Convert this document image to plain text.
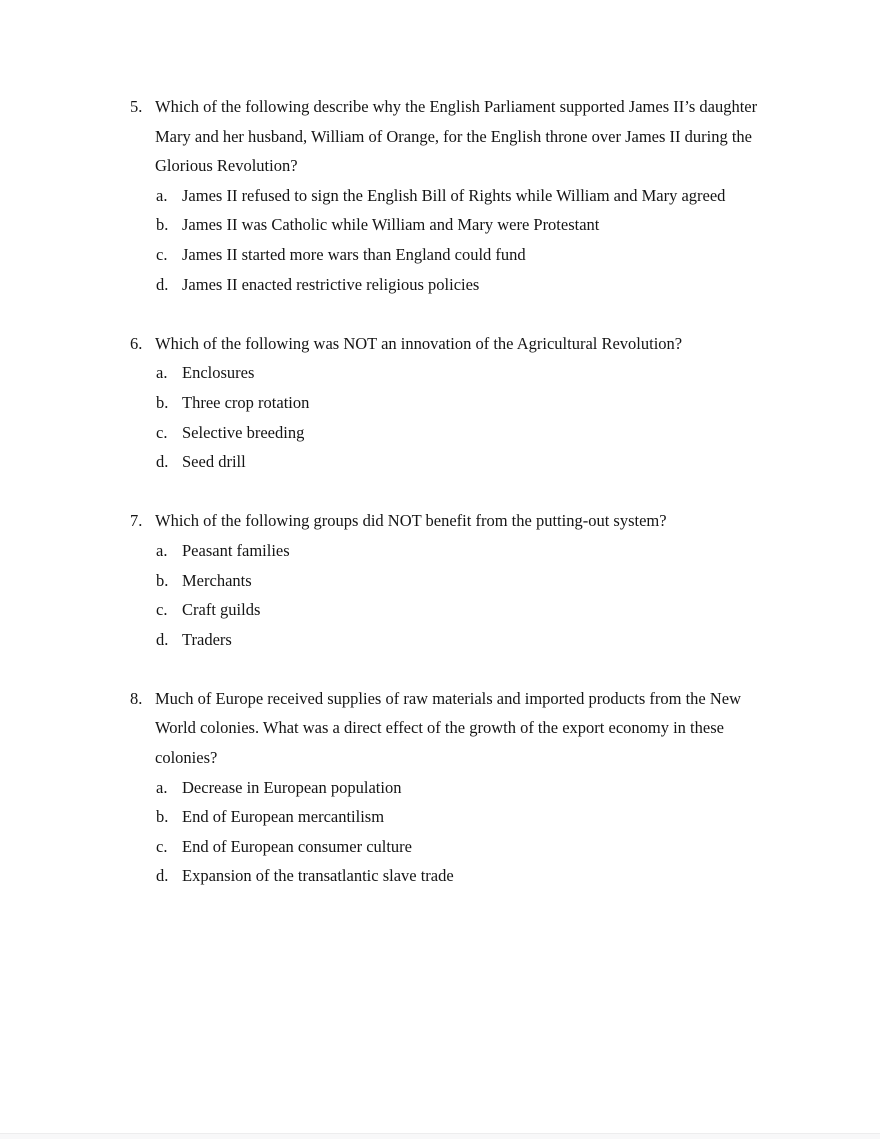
5. Which of the following describe why the English Parliament supported James II’s daughter Mary and her husband, William of Orange, for the English throne over James II during the Glorious Revolution?
a. James II refused to sign the English Bill of Rights while William and Mary agreed
b. James II was Catholic while William and Mary were Protestant
c. James II started more wars than England could fund
d. James II enacted restrictive religious policies
6. Which of the following was NOT an innovation of the Agricultural Revolution?
a. Enclosures
b. Three crop rotation
c. Selective breeding
d. Seed drill
7. Which of the following groups did NOT benefit from the putting-out system?
a. Peasant families
b. Merchants
c. Craft guilds
d. Traders
8. Much of Europe received supplies of raw materials and imported products from the New World colonies. What was a direct effect of the growth of the export economy in these colonies?
a. Decrease in European population
b. End of European mercantilism
c. End of European consumer culture
d. Expansion of the transatlantic slave trade
